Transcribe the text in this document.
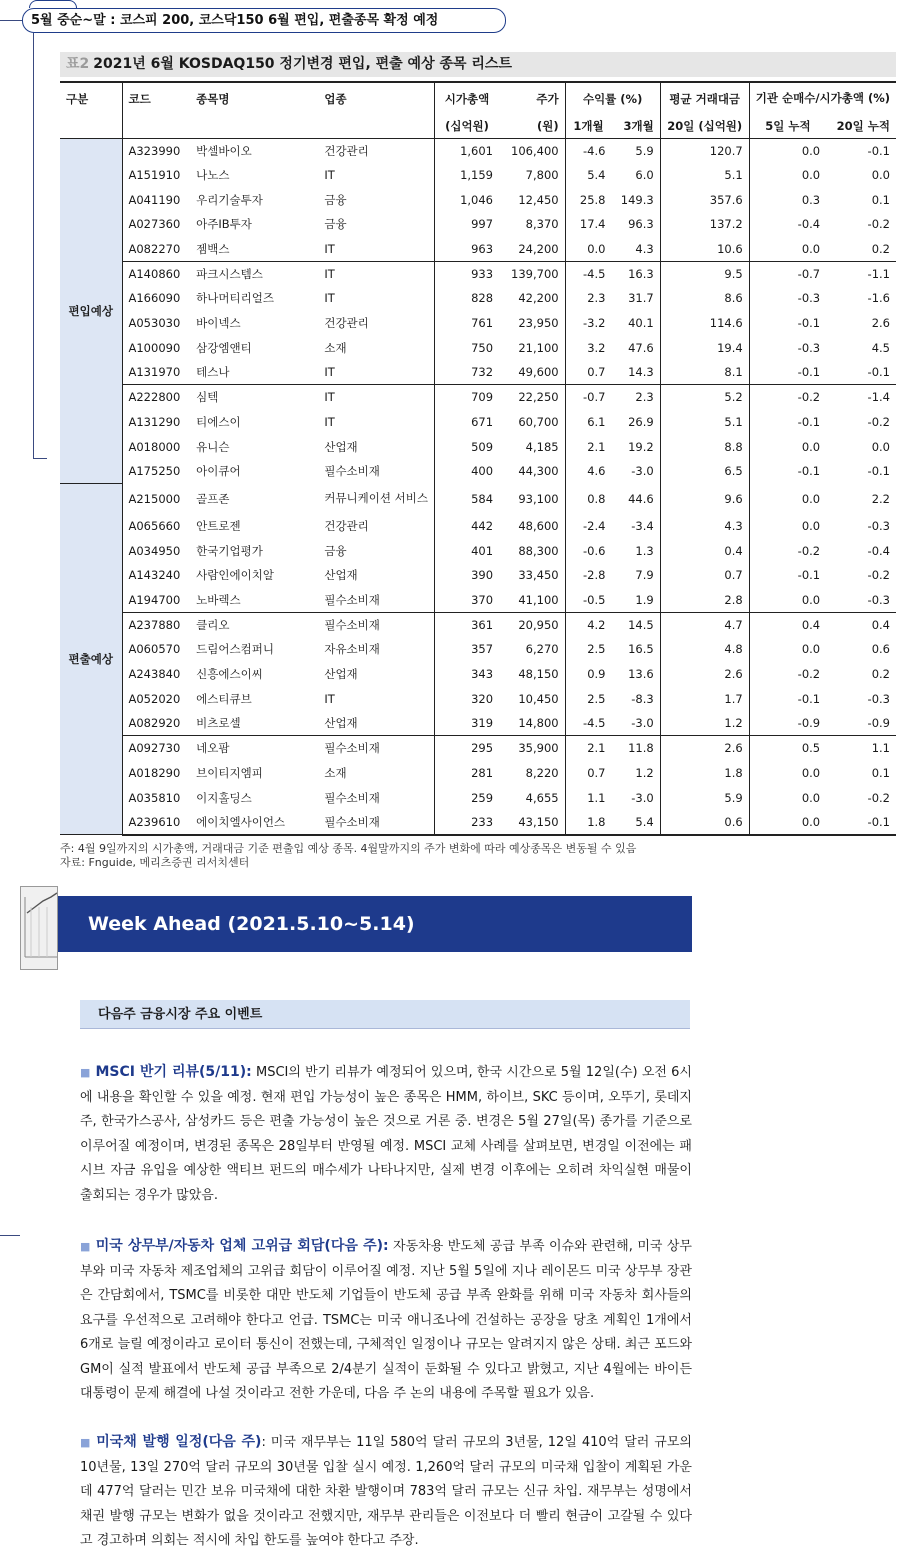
5월 중순~말 : 코스피 200, 코스닥150 6월 편입, 편출종목 확정 예정
표2 2021년 6월 KOSDAQ150 정기변경 편입, 편출 예상 종목 리스트
구분	코드	종목명	업종	시가총액	주가	수익률 (%)		평균 거래대금	기관 순매수/시가총액 (%)	
				(십억원)	(원)	1개월	3개월	20일 (십억원)	5일 누적	20일 누적
편입예상	A323990	박셀바이오	건강관리	1,601	106,400	-4.6	5.9	120.7	0.0	-0.1
	A151910	나노스	IT	1,159	7,800	5.4	6.0	5.1	0.0	0.0
	A041190	우리기술투자	금융	1,046	12,450	25.8	149.3	357.6	0.3	0.1
	A027360	아주IB투자	금융	997	8,370	17.4	96.3	137.2	-0.4	-0.2
	A082270	젬백스	IT	963	24,200	0.0	4.3	10.6	0.0	0.2
	A140860	파크시스템스	IT	933	139,700	-4.5	16.3	9.5	-0.7	-1.1
	A166090	하나머티리얼즈	IT	828	42,200	2.3	31.7	8.6	-0.3	-1.6
	A053030	바이넥스	건강관리	761	23,950	-3.2	40.1	114.6	-0.1	2.6
	A100090	삼강엠앤티	소재	750	21,100	3.2	47.6	19.4	-0.3	4.5
	A131970	테스나	IT	732	49,600	0.7	14.3	8.1	-0.1	-0.1
	A222800	심텍	IT	709	22,250	-0.7	2.3	5.2	-0.2	-1.4
	A131290	티에스이	IT	671	60,700	6.1	26.9	5.1	-0.1	-0.2
	A018000	유니슨	산업재	509	4,185	2.1	19.2	8.8	0.0	0.0
	A175250	아이큐어	필수소비재	400	44,300	4.6	-3.0	6.5	-0.1	-0.1
편출예상	A215000	골프존	커뮤니케이션 서비스	584	93,100	0.8	44.6	9.6	0.0	2.2
	A065660	안트로젠	건강관리	442	48,600	-2.4	-3.4	4.3	0.0	-0.3
	A034950	한국기업평가	금융	401	88,300	-0.6	1.3	0.4	-0.2	-0.4
	A143240	사람인에이치알	산업재	390	33,450	-2.8	7.9	0.7	-0.1	-0.2
	A194700	노바렉스	필수소비재	370	41,100	-0.5	1.9	2.8	0.0	-0.3
	A237880	클리오	필수소비재	361	20,950	4.2	14.5	4.7	0.4	0.4
	A060570	드림어스컴퍼니	자유소비재	357	6,270	2.5	16.5	4.8	0.0	0.6
	A243840	신흥에스이씨	산업재	343	48,150	0.9	13.6	2.6	-0.2	0.2
	A052020	에스티큐브	IT	320	10,450	2.5	-8.3	1.7	-0.1	-0.3
	A082920	비츠로셀	산업재	319	14,800	-4.5	-3.0	1.2	-0.9	-0.9
	A092730	네오팜	필수소비재	295	35,900	2.1	11.8	2.6	0.5	1.1
	A018290	브이티지엠피	소재	281	8,220	0.7	1.2	1.8	0.0	0.1
	A035810	이지홀딩스	필수소비재	259	4,655	1.1	-3.0	5.9	0.0	-0.2
	A239610	에이치엘사이언스	필수소비재	233	43,150	1.8	5.4	0.6	0.0	-0.1
주: 4월 9일까지의 시가총액, 거래대금 기준 편출입 예상 종목. 4월말까지의 주가 변화에 따라 예상종목은 변동될 수 있음
자료: Fnguide, 메리츠증권 리서치센터
Week Ahead (2021.5.10~5.14)
다음주 금융시장 주요 이벤트
■ MSCI 반기 리뷰(5/11): MSCI의 반기 리뷰가 예정되어 있으며, 한국 시간으로 5월 12일(수) 오전 6시에 내용을 확인할 수 있을 예정. 현재 편입 가능성이 높은 종목은 HMM, 하이브, SKC 등이며, 오뚜기, 롯데지주, 한국가스공사, 삼성카드 등은 편출 가능성이 높은 것으로 거론 중. 변경은 5월 27일(목) 종가를 기준으로 이루어질 예정이며, 변경된 종목은 28일부터 반영될 예정. MSCI 교체 사례를 살펴보면, 변경일 이전에는 패시브 자금 유입을 예상한 액티브 펀드의 매수세가 나타나지만, 실제 변경 이후에는 오히려 차익실현 매물이 출회되는 경우가 많았음.
■ 미국 상무부/자동차 업체 고위급 회담(다음 주): 자동차용 반도체 공급 부족 이슈와 관련해, 미국 상무부와 미국 자동차 제조업체의 고위급 회담이 이루어질 예정. 지난 5월 5일에 지나 레이몬드 미국 상무부 장관은 간담회에서, TSMC를 비롯한 대만 반도체 기업들이 반도체 공급 부족 완화를 위해 미국 자동차 회사들의 요구를 우선적으로 고려해야 한다고 언급. TSMC는 미국 애니조나에 건설하는 공장을 당초 계획인 1개에서 6개로 늘릴 예정이라고 로이터 통신이 전했는데, 구체적인 일정이나 규모는 알려지지 않은 상태. 최근 포드와 GM이 실적 발표에서 반도체 공급 부족으로 2/4분기 실적이 둔화될 수 있다고 밝혔고, 지난 4월에는 바이든 대통령이 문제 해결에 나설 것이라고 전한 가운데, 다음 주 논의 내용에 주목할 필요가 있음.
■ 미국채 발행 일정(다음 주): 미국 재무부는 11일 580억 달러 규모의 3년물, 12일 410억 달러 규모의 10년물, 13일 270억 달러 규모의 30년물 입찰 실시 예정. 1,260억 달러 규모의 미국채 입찰이 계획된 가운데 477억 달러는 민간 보유 미국채에 대한 차환 발행이며 783억 달러 규모는 신규 차입. 재무부는 성명에서 채권 발행 규모는 변화가 없을 것이라고 전했지만, 재무부 관리들은 이전보다 더 빨리 현금이 고갈될 수 있다고 경고하며 의회는 적시에 차입 한도를 높여야 한다고 주장.
